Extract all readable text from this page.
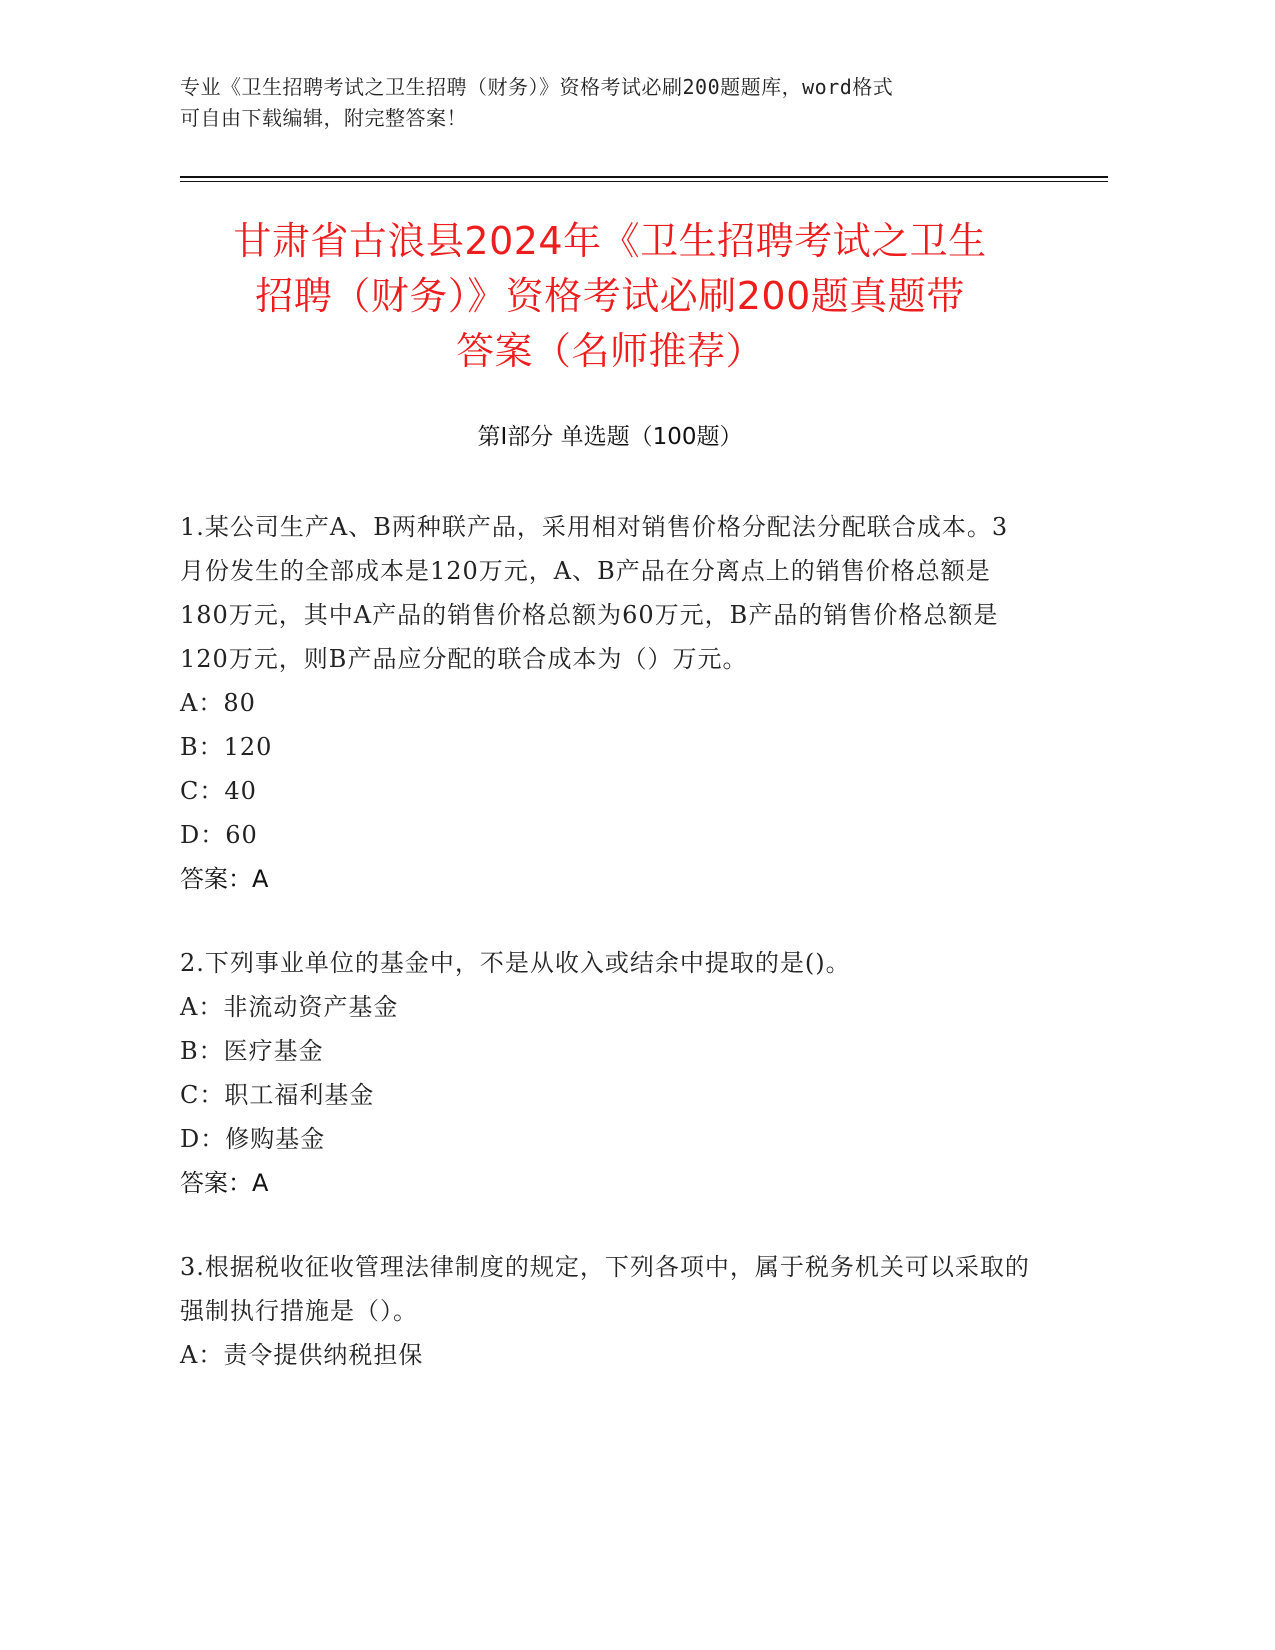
专业《卫生招聘考试之卫生招聘（财务）》资格考试必刷200题题库，word格式
可自由下载编辑，附完整答案！
甘肃省古浪县2024年《卫生招聘考试之卫生
招聘（财务）》资格考试必刷200题真题带
答案（名师推荐）
第Ⅰ部分 单选题（100题）
1.某公司生产A、B两种联产品，采用相对销售价格分配法分配联合成本。3月份发生的全部成本是120万元，A、B产品在分离点上的销售价格总额是180万元，其中A产品的销售价格总额为60万元，B产品的销售价格总额是120万元，则B产品应分配的联合成本为（）万元。
A：80
B：120
C：40
D：60
答案：A
2.下列事业单位的基金中，不是从收入或结余中提取的是()。
A：非流动资产基金
B：医疗基金
C：职工福利基金
D：修购基金
答案：A
3.根据税收征收管理法律制度的规定，下列各项中，属于税务机关可以采取的强制执行措施是（）。
A：责令提供纳税担保
